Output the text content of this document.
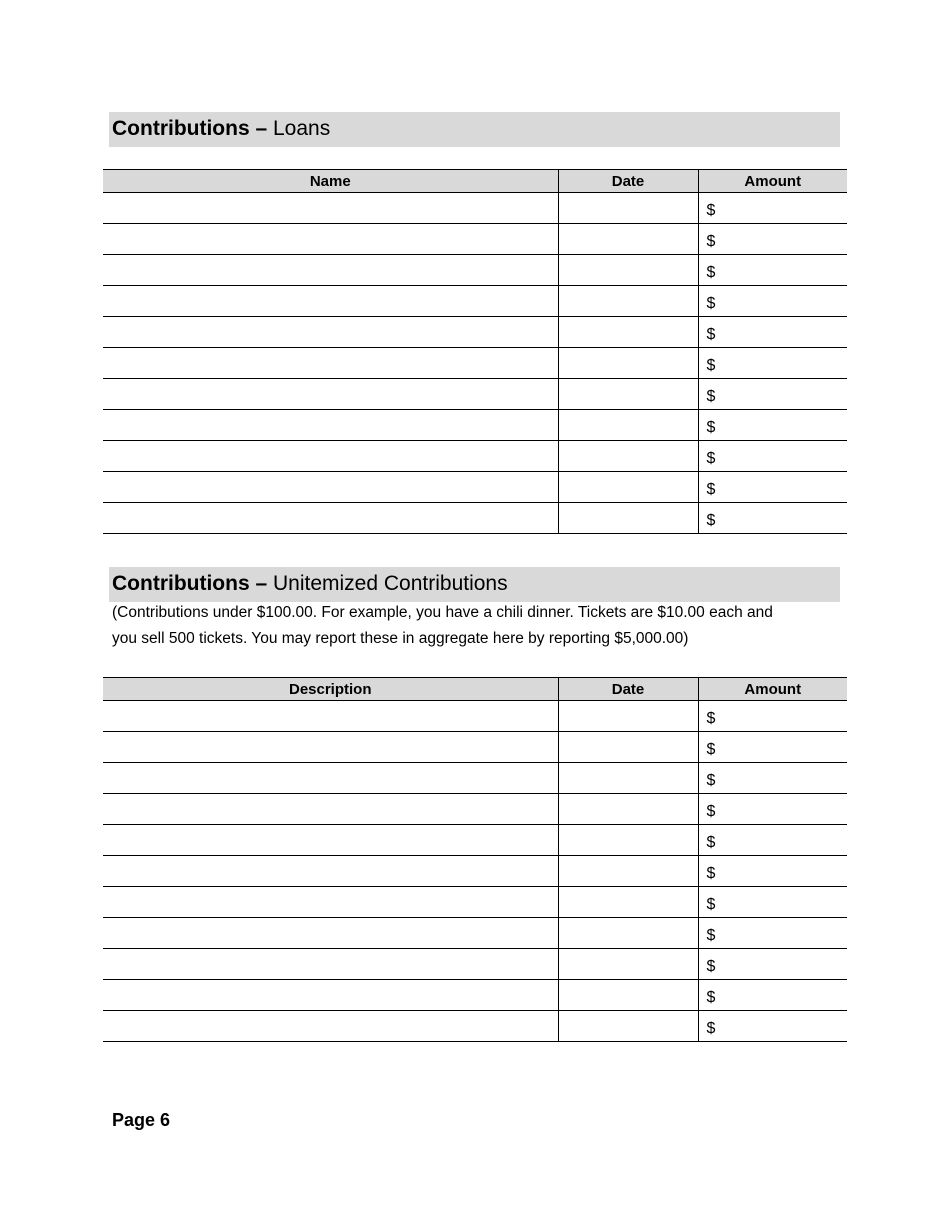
Contributions – Loans
Name	Date	Amount
		$
		$
		$
		$
		$
		$
		$
		$
		$
		$
		$
Contributions – Unitemized Contributions

(Contributions under $100.00. For example, you have a chili dinner. Tickets are $10.00 each and
you sell 500 tickets. You may report these in aggregate here by reporting $5,000.00)

Description	Date	Amount
		$
		$
		$
		$
		$
		$
		$
		$
		$
		$
		$
Page 6
